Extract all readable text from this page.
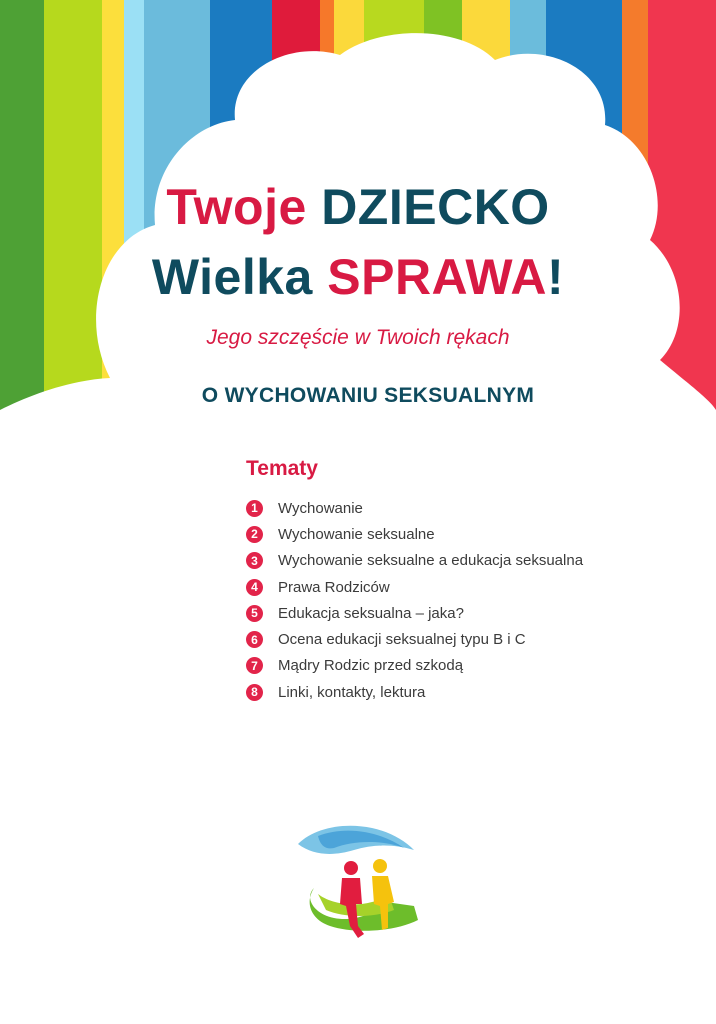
Twoje DZIECKO
Wielka SPRAWA!
Jego szczęście w Twoich rękach
O WYCHOWANIU SEKSUALNYM
Tematy
1	Wychowanie
2	Wychowanie seksualne
3	Wychowanie seksualne a edukacja seksualna
4	Prawa Rodziców
5	Edukacja seksualna – jaka?
6	Ocena edukacji seksualnej typu B i C
7	Mądry Rodzic przed szkodą
8	Linki, kontakty, lektura
